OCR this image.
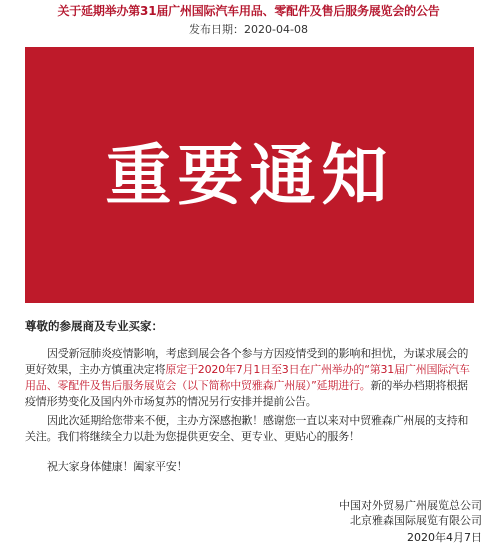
关于延期举办第31届广州国际汽车用品、零配件及售后服务展览会的公告
发布日期：2020-04-08
重要通知
尊敬的参展商及专业买家：
因受新冠肺炎疫情影响，考虑到展会各个参与方因疫情受到的影响和担忧，为谋求展会的更好效果，主办方慎重决定将原定于2020年7月1日至3日在广州举办的“第31届广州国际汽车用品、零配件及售后服务展览会（以下简称中贸雅森广州展）”延期进行。新的举办档期将根据疫情形势变化及国内外市场复苏的情况另行安排并提前公告。
因此次延期给您带来不便，主办方深感抱歉！感谢您一直以来对中贸雅森广州展的支持和关注。我们将继续全力以赴为您提供更安全、更专业、更贴心的服务！
祝大家身体健康！阖家平安！
中国对外贸易广州展览总公司
北京雅森国际展览有限公司
2020年4月7日
